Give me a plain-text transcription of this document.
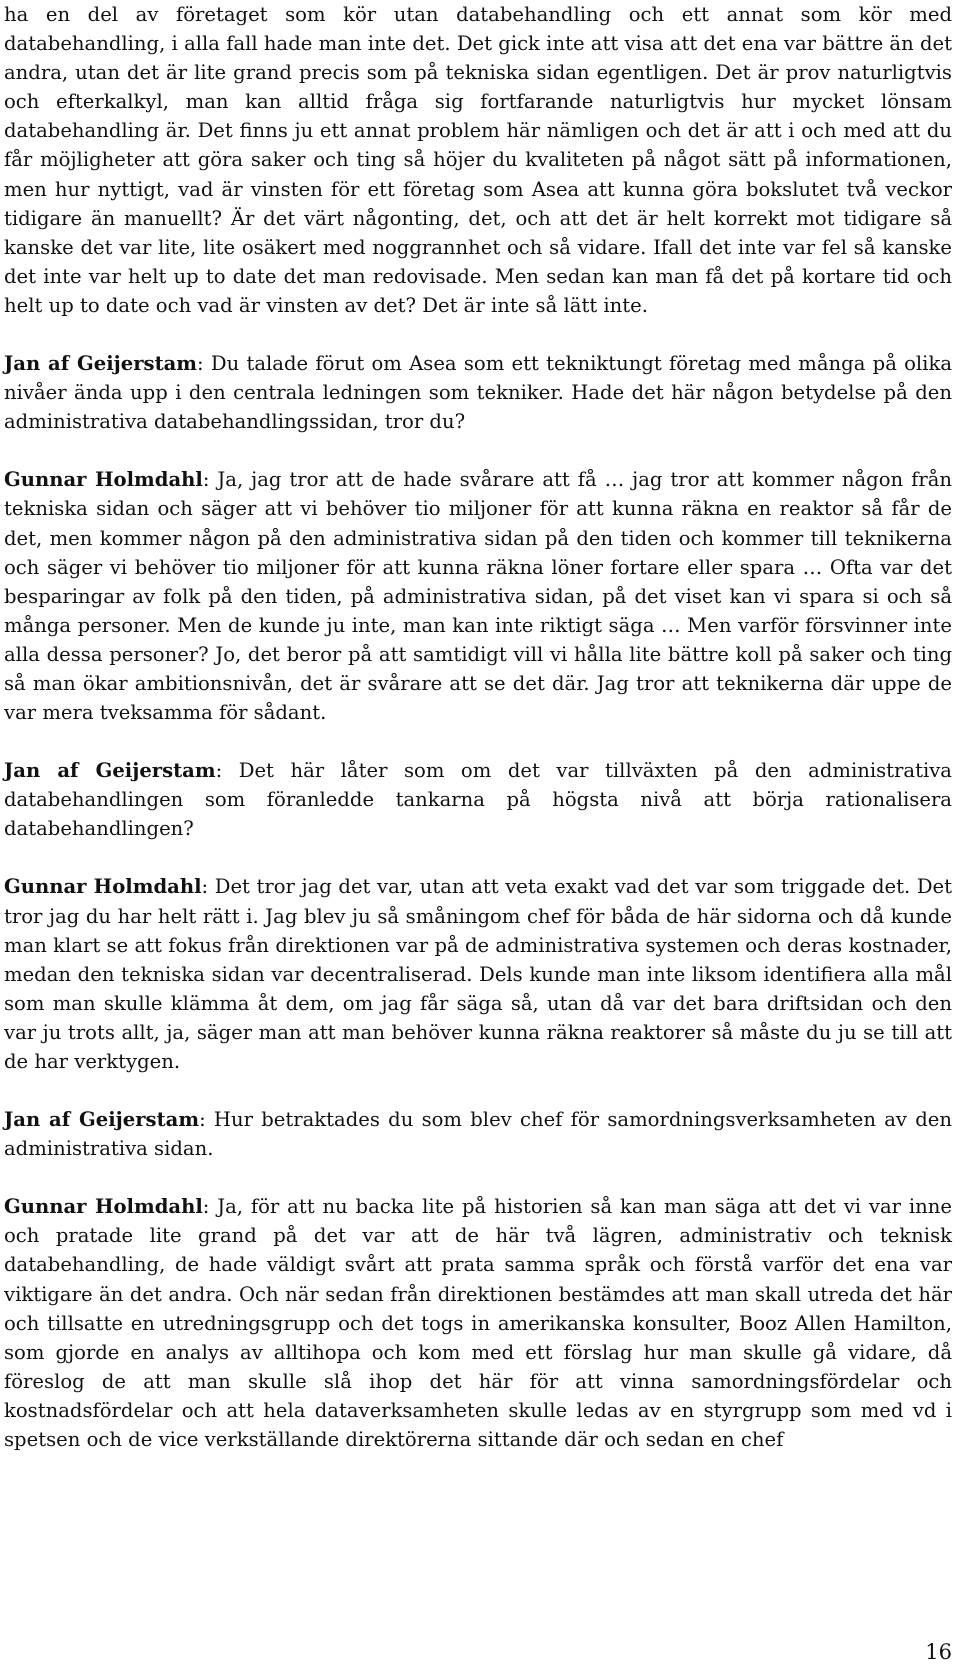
ha en del av företaget som kör utan databehandling och ett annat som kör med databehandling, i alla fall hade man inte det. Det gick inte att visa att det ena var bättre än det andra, utan det är lite grand precis som på tekniska sidan egentligen. Det är prov naturligtvis och efterkalkyl, man kan alltid fråga sig fortfarande naturligtvis hur mycket lönsam databehandling är. Det finns ju ett annat problem här nämligen och det är att i och med att du får möjligheter att göra saker och ting så höjer du kvaliteten på något sätt på informationen, men hur nyttigt, vad är vinsten för ett företag som Asea att kunna göra bokslutet två veckor tidigare än manuellt? Är det värt någonting, det, och att det är helt korrekt mot tidigare så kanske det var lite, lite osäkert med noggrannhet och så vidare. Ifall det inte var fel så kanske det inte var helt up to date det man redovisade. Men sedan kan man få det på kortare tid och helt up to date och vad är vinsten av det? Det är inte så lätt inte.

Jan af Geijerstam: Du talade förut om Asea som ett tekniktungt företag med många på olika nivåer ända upp i den centrala ledningen som tekniker. Hade det här någon betydelse på den administrativa databehandlingssidan, tror du?

Gunnar Holmdahl: Ja, jag tror att de hade svårare att få … jag tror att kommer någon från tekniska sidan och säger att vi behöver tio miljoner för att kunna räkna en reaktor så får de det, men kommer någon på den administrativa sidan på den tiden och kommer till teknikerna och säger vi behöver tio miljoner för att kunna räkna löner fortare eller spara … Ofta var det besparingar av folk på den tiden, på administrativa sidan, på det viset kan vi spara si och så många personer. Men de kunde ju inte, man kan inte riktigt säga … Men varför försvinner inte alla dessa personer? Jo, det beror på att samtidigt vill vi hålla lite bättre koll på saker och ting så man ökar ambitionsnivån, det är svårare att se det där. Jag tror att teknikerna där uppe de var mera tveksamma för sådant.

Jan af Geijerstam: Det här låter som om det var tillväxten på den administrativa databehandlingen som föranledde tankarna på högsta nivå att börja rationalisera databehandlingen?

Gunnar Holmdahl: Det tror jag det var, utan att veta exakt vad det var som triggade det. Det tror jag du har helt rätt i. Jag blev ju så småningom chef för båda de här sidorna och då kunde man klart se att fokus från direktionen var på de administrativa systemen och deras kostnader, medan den tekniska sidan var decentraliserad. Dels kunde man inte liksom identifiera alla mål som man skulle klämma åt dem, om jag får säga så, utan då var det bara driftsidan och den var ju trots allt, ja, säger man att man behöver kunna räkna reaktorer så måste du ju se till att de har verktygen.

Jan af Geijerstam: Hur betraktades du som blev chef för samordningsverksamheten av den administrativa sidan.

Gunnar Holmdahl: Ja, för att nu backa lite på historien så kan man säga att det vi var inne och pratade lite grand på det var att de här två lägren, administrativ och teknisk databehandling, de hade väldigt svårt att prata samma språk och förstå varför det ena var viktigare än det andra. Och när sedan från direktionen bestämdes att man skall utreda det här och tillsatte en utredningsgrupp och det togs in amerikanska konsulter, Booz Allen Hamilton, som gjorde en analys av alltihopa och kom med ett förslag hur man skulle gå vidare, då föreslog de att man skulle slå ihop det här för att vinna samordningsfördelar och kostnadsfördelar och att hela dataverksamheten skulle ledas av en styrgrupp som med vd i spetsen och de vice verkställande direktörerna sittande där och sedan en chef

16
